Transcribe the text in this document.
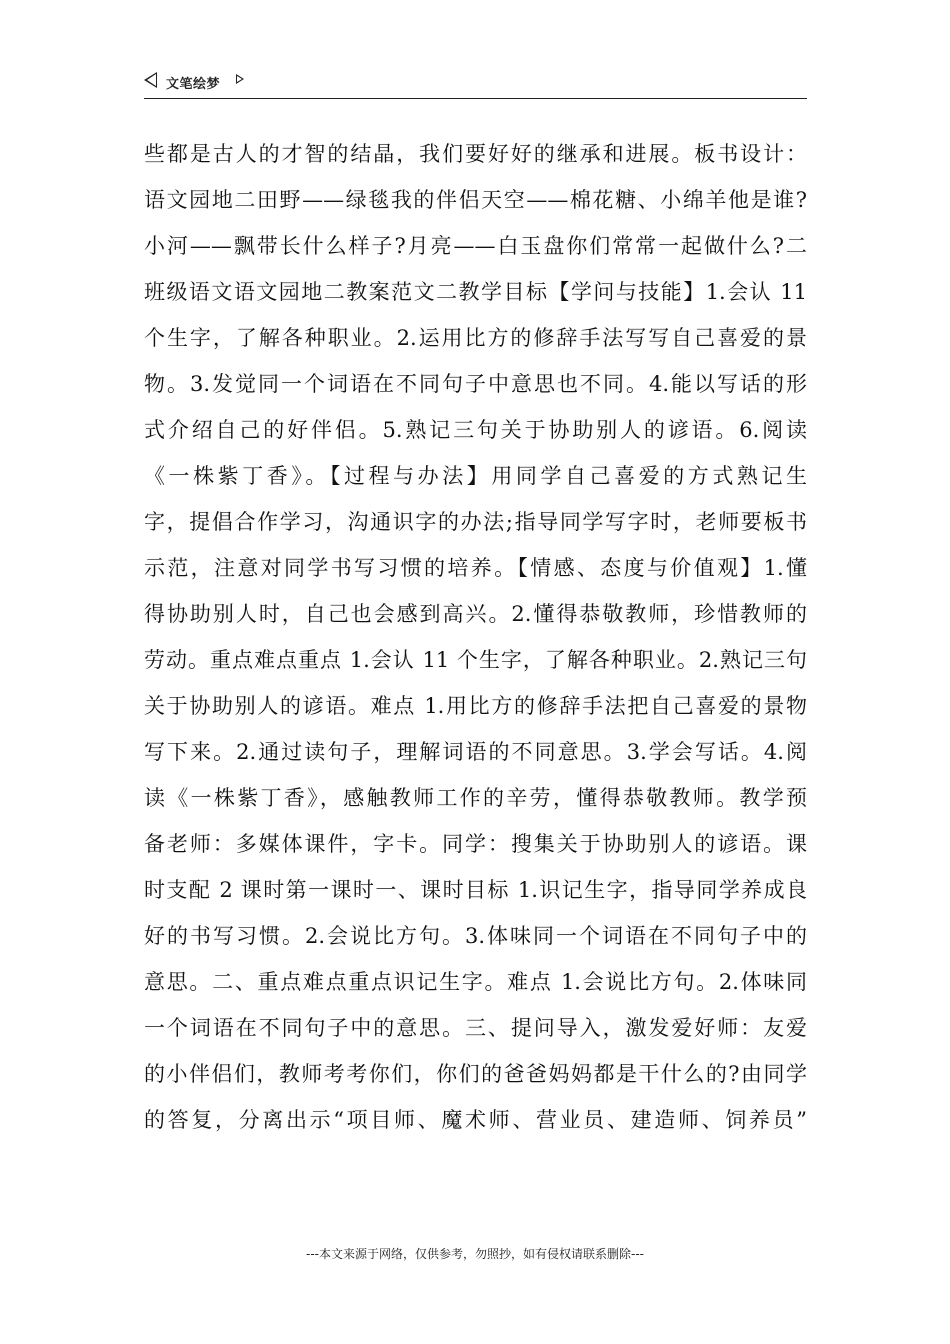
文笔绘梦
些都是古人的才智的结晶，我们要好好的继承和进展。板书设计：
语文园地二田野——绿毯我的伴侣天空——棉花糖、小绵羊他是谁?
小河——飘带长什么样子?月亮——白玉盘你们常常一起做什么?二
班级语文语文园地二教案范文二教学目标【学问与技能】1.会认 11
个生字，了解各种职业。2.运用比方的修辞手法写写自己喜爱的景
物。3.发觉同一个词语在不同句子中意思也不同。4.能以写话的形
式介绍自己的好伴侣。5.熟记三句关于协助别人的谚语。6.阅读
《一株紫丁香》。【过程与办法】用同学自己喜爱的方式熟记生
字，提倡合作学习，沟通识字的办法;指导同学写字时，老师要板书
示范，注意对同学书写习惯的培养。【情感、态度与价值观】1.懂
得协助别人时，自己也会感到高兴。2.懂得恭敬教师，珍惜教师的
劳动。重点难点重点 1.会认 11 个生字，了解各种职业。2.熟记三句
关于协助别人的谚语。难点 1.用比方的修辞手法把自己喜爱的景物
写下来。2.通过读句子，理解词语的不同意思。3.学会写话。4.阅
读《一株紫丁香》，感触教师工作的辛劳，懂得恭敬教师。教学预
备老师：多媒体课件，字卡。同学：搜集关于协助别人的谚语。课
时支配 2 课时第一课时一、课时目标 1.识记生字，指导同学养成良
好的书写习惯。2.会说比方句。3.体味同一个词语在不同句子中的
意思。二、重点难点重点识记生字。难点 1.会说比方句。2.体味同
一个词语在不同句子中的意思。三、提问导入，激发爱好师：友爱
的小伴侣们，教师考考你们，你们的爸爸妈妈都是干什么的?由同学
的答复，分离出示“项目师、魔术师、营业员、建造师、饲养员”
---本文来源于网络，仅供参考，勿照抄，如有侵权请联系删除---
